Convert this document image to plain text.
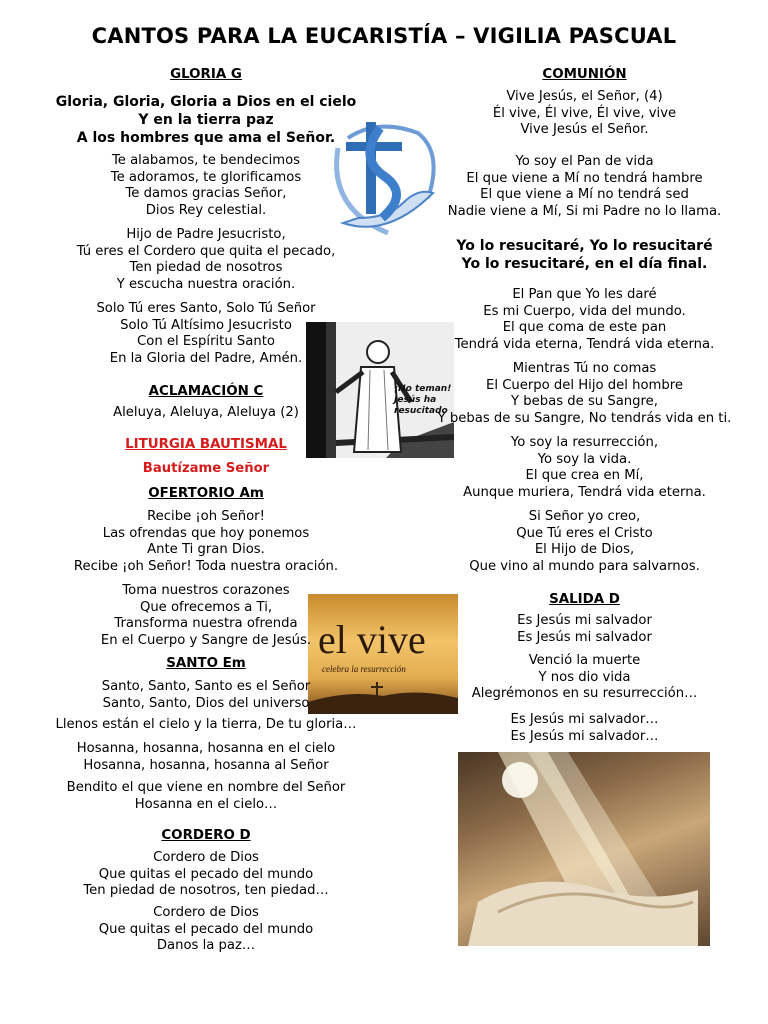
CANTOS PARA LA EUCARISTÍA – VIGILIA PASCUAL
¡No teman!
Jesús ha
resucitado
el vive
celebra la resurrección
GLORIA G
Gloria, Gloria, Gloria a Dios en el cielo
Y en la tierra paz
A los hombres que ama el Señor.
Te alabamos, te bendecimos
Te adoramos, te glorificamos
Te damos gracias Señor,
Dios Rey celestial.
Hijo de Padre Jesucristo,
Tú eres el Cordero que quita el pecado,
Ten piedad de nosotros
Y escucha nuestra oración.
Solo Tú eres Santo, Solo Tú Señor
Solo Tú Altísimo Jesucristo
Con el Espíritu Santo
En la Gloria del Padre, Amén.
ACLAMACIÓN C
Aleluya, Aleluya, Aleluya (2)
LITURGIA BAUTISMAL
Bautízame Señor
OFERTORIO Am
Recibe ¡oh Señor!
Las ofrendas que hoy ponemos
Ante Ti gran Dios.
Recibe ¡oh Señor! Toda nuestra oración.
Toma nuestros corazones
Que ofrecemos a Ti,
Transforma nuestra ofrenda
En el Cuerpo y Sangre de Jesús.
SANTO Em
Santo, Santo, Santo es el Señor
Santo, Santo, Dios del universo
Llenos están el cielo y la tierra, De tu gloria…
Hosanna, hosanna, hosanna en el cielo
Hosanna, hosanna, hosanna al Señor
Bendito el que viene en nombre del Señor
Hosanna en el cielo…
CORDERO D
Cordero de Dios
Que quitas el pecado del mundo
Ten piedad de nosotros, ten piedad…
Cordero de Dios
Que quitas el pecado del mundo
Danos la paz…
COMUNIÓN
Vive Jesús, el Señor, (4)
Él vive, Él vive, Él vive, vive
Vive Jesús el Señor.
Yo soy el Pan de vida
El que viene a Mí no tendrá hambre
El que viene a Mí no tendrá sed
Nadie viene a Mí, Si mi Padre no lo llama.
Yo lo resucitaré, Yo lo resucitaré
Yo lo resucitaré, en el día final.
El Pan que Yo les daré
Es mi Cuerpo, vida del mundo.
El que coma de este pan
Tendrá vida eterna, Tendrá vida eterna.
Mientras Tú no comas
El Cuerpo del Hijo del hombre
Y bebas de su Sangre,
Y bebas de su Sangre, No tendrás vida en ti.
Yo soy la resurrección,
Yo soy la vida.
El que crea en Mí,
Aunque muriera, Tendrá vida eterna.
Si Señor yo creo,
Que Tú eres el Cristo
El Hijo de Dios,
Que vino al mundo para salvarnos.
SALIDA D
Es Jesús mi salvador
Es Jesús mi salvador
Venció la muerte
Y nos dio vida
Alegrémonos en su resurrección…
Es Jesús mi salvador…
Es Jesús mi salvador…
